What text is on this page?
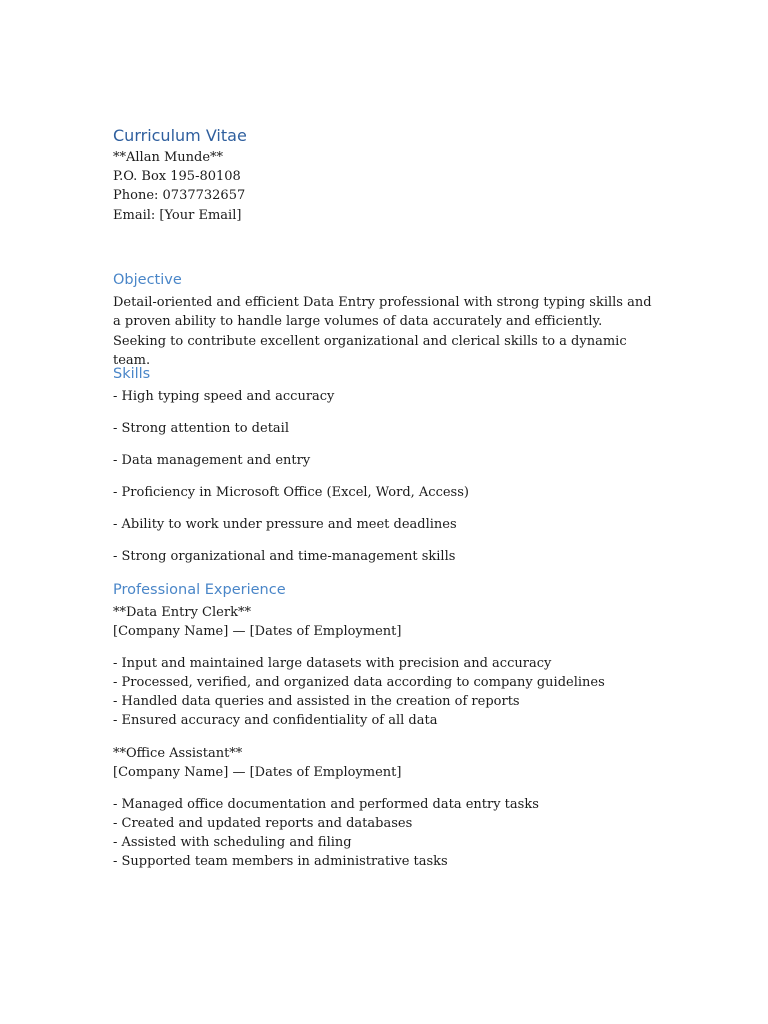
Curriculum Vitae

**Allan Munde**

P.O. Box 195-80108

Phone: 0737732657

Email: [Your Email]

Objective

Detail-oriented and efficient Data Entry professional with strong typing skills and a proven ability to handle large volumes of data accurately and efficiently. Seeking to contribute excellent organizational and clerical skills to a dynamic team.

Skills

- High typing speed and accuracy

- Strong attention to detail

- Data management and entry

- Proficiency in Microsoft Office (Excel, Word, Access)

- Ability to work under pressure and meet deadlines

- Strong organizational and time-management skills

Professional Experience

**Data Entry Clerk**

[Company Name] — [Dates of Employment]

- Input and maintained large datasets with precision and accuracy

- Processed, verified, and organized data according to company guidelines

- Handled data queries and assisted in the creation of reports

- Ensured accuracy and confidentiality of all data

**Office Assistant**

[Company Name] — [Dates of Employment]

- Managed office documentation and performed data entry tasks

- Created and updated reports and databases

- Assisted with scheduling and filing

- Supported team members in administrative tasks
